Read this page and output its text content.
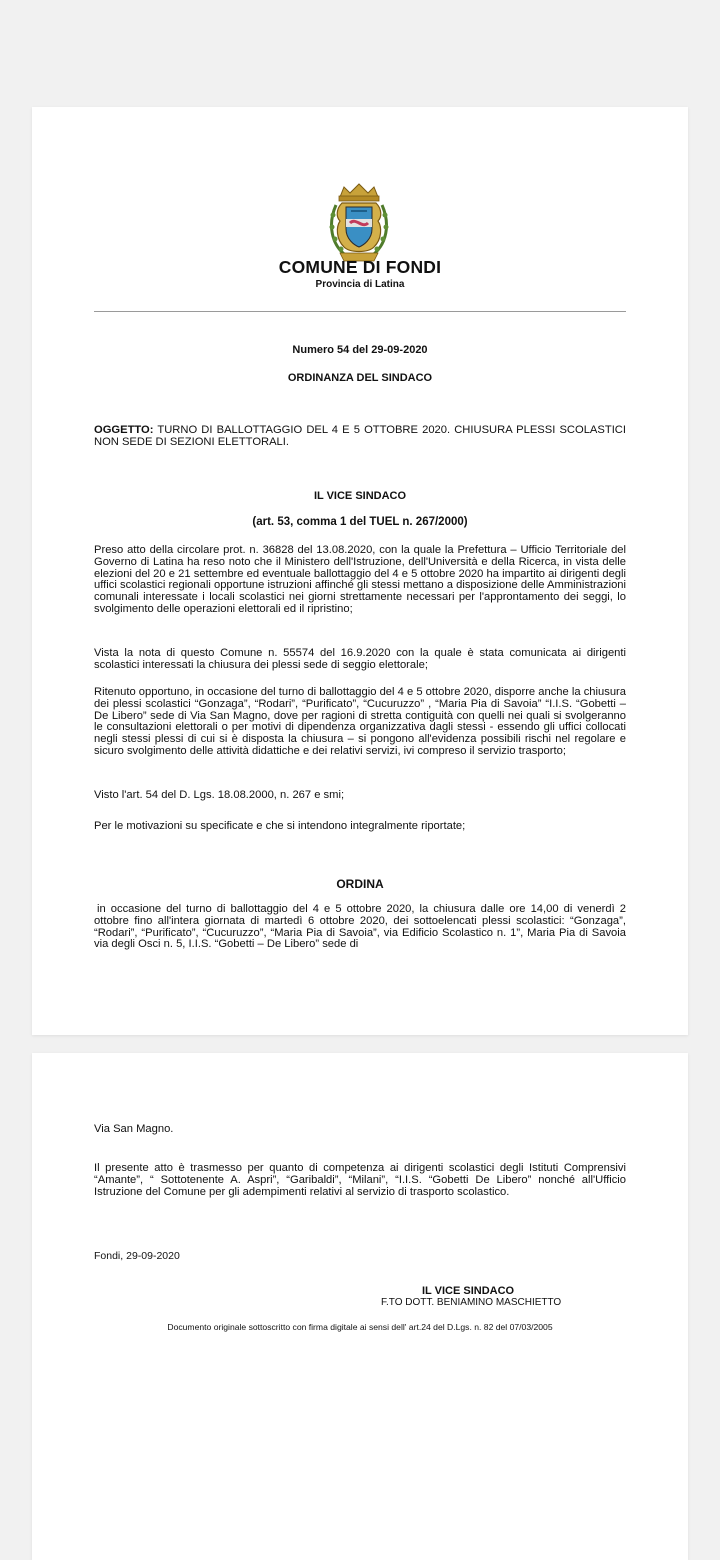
COMUNE DI FONDI
Provincia di Latina
Numero 54 del 29-09-2020
ORDINANZA DEL SINDACO
OGGETTO: TURNO DI BALLOTTAGGIO DEL 4 E 5 OTTOBRE 2020. CHIUSURA PLESSI SCOLASTICI NON SEDE DI SEZIONI ELETTORALI.
IL VICE SINDACO
(art. 53, comma 1 del TUEL n. 267/2000)
Preso atto della circolare prot. n. 36828 del 13.08.2020, con la quale la Prefettura – Ufficio Territoriale del Governo di Latina ha reso noto che il Ministero dell'Istruzione, dell'Università e della Ricerca, in vista delle elezioni del 20 e 21 settembre ed eventuale ballottaggio del 4 e 5 ottobre 2020 ha impartito ai dirigenti degli uffici scolastici regionali opportune istruzioni affinché gli stessi mettano a disposizione delle Amministrazioni comunali interessate i locali scolastici nei giorni strettamente necessari per l'approntamento dei seggi, lo svolgimento delle operazioni elettorali ed il ripristino;
Vista la nota di questo Comune n. 55574 del 16.9.2020 con la quale è stata comunicata ai dirigenti scolastici interessati la chiusura dei plessi sede di seggio elettorale;
Ritenuto opportuno, in occasione del turno di ballottaggio del 4 e 5 ottobre 2020, disporre anche la chiusura dei plessi scolastici “Gonzaga”, “Rodari”, “Purificato”, “Cucuruzzo” , “Maria Pia di Savoia” “I.I.S. “Gobetti – De Libero” sede di Via San Magno, dove per ragioni di stretta contiguità con quelli nei quali si svolgeranno le consultazioni elettorali o per motivi di dipendenza organizzativa dagli stessi - essendo gli uffici collocati negli stessi plessi di cui si è disposta la chiusura – si pongono all'evidenza possibili rischi nel regolare e sicuro svolgimento delle attività didattiche e dei relativi servizi, ivi compreso il servizio trasporto;
Visto l'art. 54 del D. Lgs. 18.08.2000, n. 267 e smi;
Per le motivazioni su specificate e che si intendono integralmente riportate;
ORDINA
in occasione del turno di ballottaggio del 4 e 5 ottobre 2020, la chiusura dalle ore 14,00 di venerdì 2 ottobre fino all'intera giornata di martedì 6 ottobre 2020, dei sottoelencati plessi scolastici: “Gonzaga”, “Rodari”, “Purificato”, “Cucuruzzo”, “Maria Pia di Savoia”, via Edificio Scolastico n. 1”, Maria Pia di Savoia via degli Osci n. 5, I.I.S. “Gobetti – De Libero” sede di
Via San Magno.
Il presente atto è trasmesso per quanto di competenza ai dirigenti scolastici degli Istituti Comprensivi “Amante”, “ Sottotenente A. Aspri”, “Garibaldi”, “Milani”, “I.I.S. “Gobetti De Libero” nonché all'Ufficio Istruzione del Comune per gli adempimenti relativi al servizio di trasporto scolastico.
Fondi, 29-09-2020
IL VICE SINDACO
F.TO DOTT. BENIAMINO MASCHIETTO
Documento originale sottoscritto con firma digitale ai sensi dell' art.24 del D.Lgs. n. 82 del 07/03/2005
